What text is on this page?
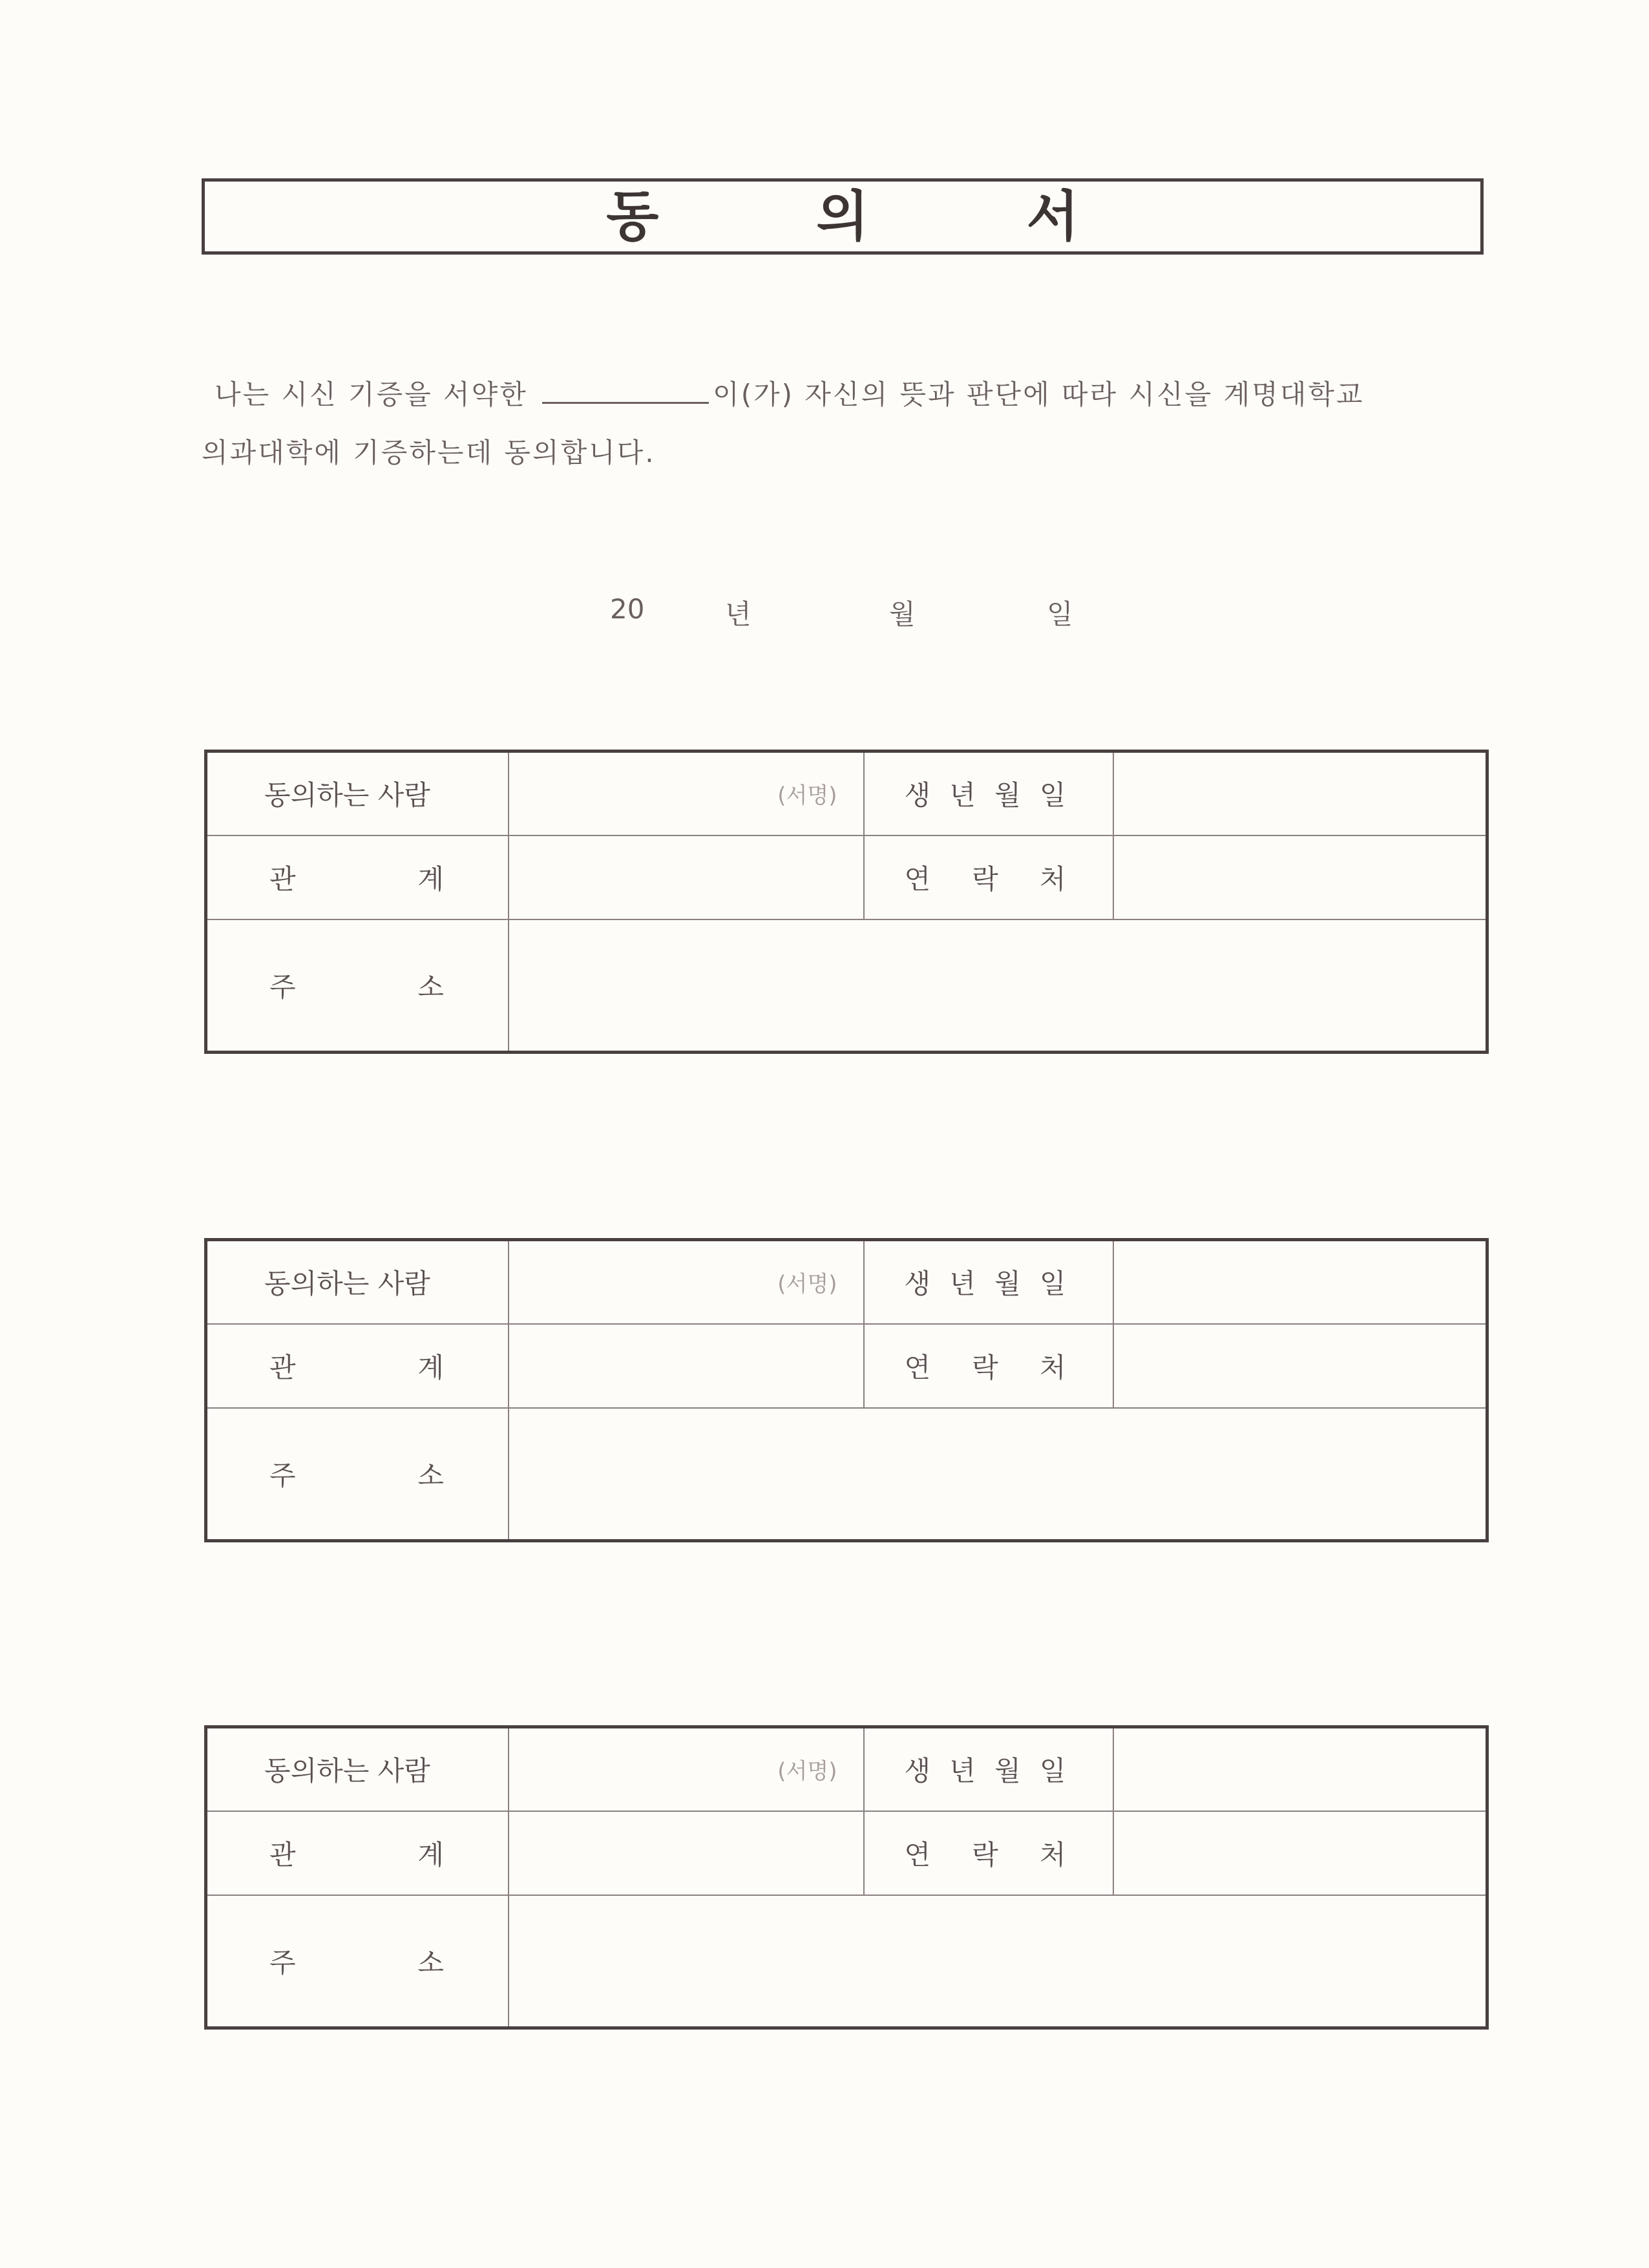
동	의	서
나는 시신 기증을 서약한	이(가) 자신의 뜻과 판단에 따라 시신을 계명대학교
의과대학에 기증하는데 동의합니다.
20	년	월	일
동의하는 사람	(서명)	생 년 월 일	

관 계		연 락 처	

주 소			

동의하는 사람	(서명)	생 년 월 일	

관 계		연 락 처	

주 소			

동의하는 사람	(서명)	생 년 월 일	

관 계		연 락 처	

주 소			
